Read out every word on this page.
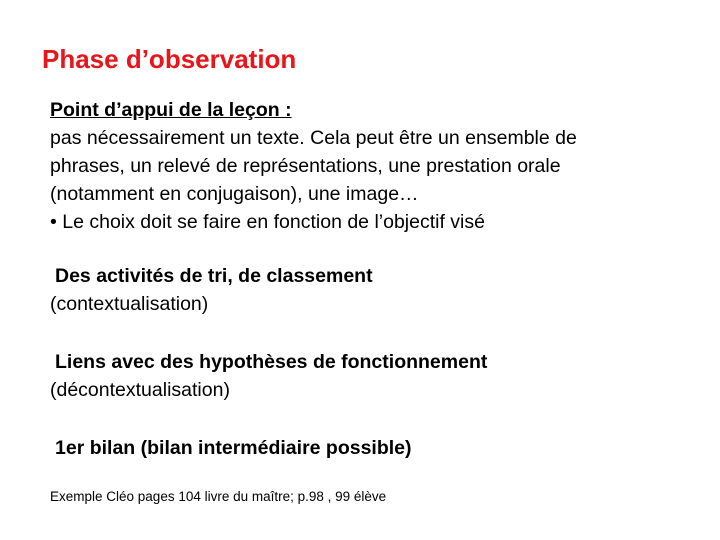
Phase d’observation
Point d’appui de la leçon :
pas nécessairement un texte. Cela peut être un ensemble de
phrases, un relevé de représentations, une prestation orale
(notamment en conjugaison), une image…
• Le choix doit se faire en fonction de l’objectif visé
Des activités de tri, de classement
(contextualisation)
Liens avec des hypothèses de fonctionnement
(décontextualisation)
1er bilan (bilan intermédiaire possible)
Exemple Cléo pages 104 livre du maître; p.98 , 99 élève
